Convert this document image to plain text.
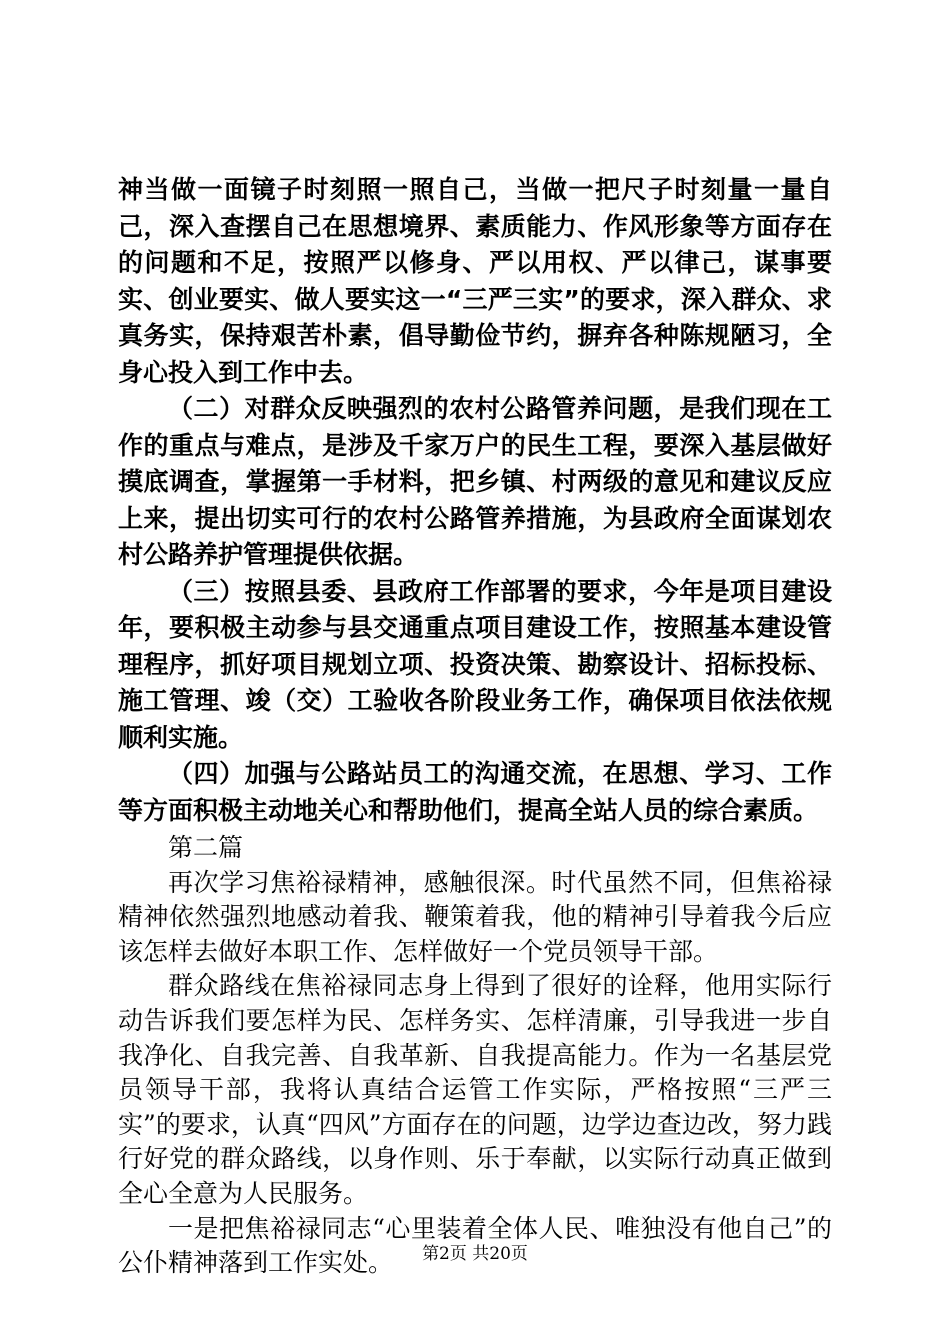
神当做一面镜子时刻照一照自己，当做一把尺子时刻量一量自己，深入查摆自己在思想境界、素质能力、作风形象等方面存在的问题和不足，按照严以修身、严以用权、严以律己，谋事要实、创业要实、做人要实这一“三严三实”的要求，深入群众、求真务实，保持艰苦朴素，倡导勤俭节约，摒弃各种陈规陋习，全身心投入到工作中去。

（二）对群众反映强烈的农村公路管养问题，是我们现在工作的重点与难点，是涉及千家万户的民生工程，要深入基层做好摸底调查，掌握第一手材料，把乡镇、村两级的意见和建议反应上来，提出切实可行的农村公路管养措施，为县政府全面谋划农村公路养护管理提供依据。

（三）按照县委、县政府工作部署的要求，今年是项目建设年，要积极主动参与县交通重点项目建设工作，按照基本建设管理程序，抓好项目规划立项、投资决策、勘察设计、招标投标、施工管理、竣（交）工验收各阶段业务工作，确保项目依法依规顺利实施。

（四）加强与公路站员工的沟通交流，在思想、学习、工作等方面积极主动地关心和帮助他们，提高全站人员的综合素质。

第二篇

再次学习焦裕禄精神，感触很深。时代虽然不同，但焦裕禄精神依然强烈地感动着我、鞭策着我，他的精神引导着我今后应该怎样去做好本职工作、怎样做好一个党员领导干部。

群众路线在焦裕禄同志身上得到了很好的诠释，他用实际行动告诉我们要怎样为民、怎样务实、怎样清廉，引导我进一步自我净化、自我完善、自我革新、自我提高能力。作为一名基层党员领导干部，我将认真结合运管工作实际，严格按照“三严三实”的要求，认真“四风”方面存在的问题，边学边查边改，努力践行好党的群众路线，以身作则、乐于奉献，以实际行动真正做到全心全意为人民服务。

一是把焦裕禄同志“心里装着全体人民、唯独没有他自己”的公仆精神落到工作实处。	第2页 共20页
